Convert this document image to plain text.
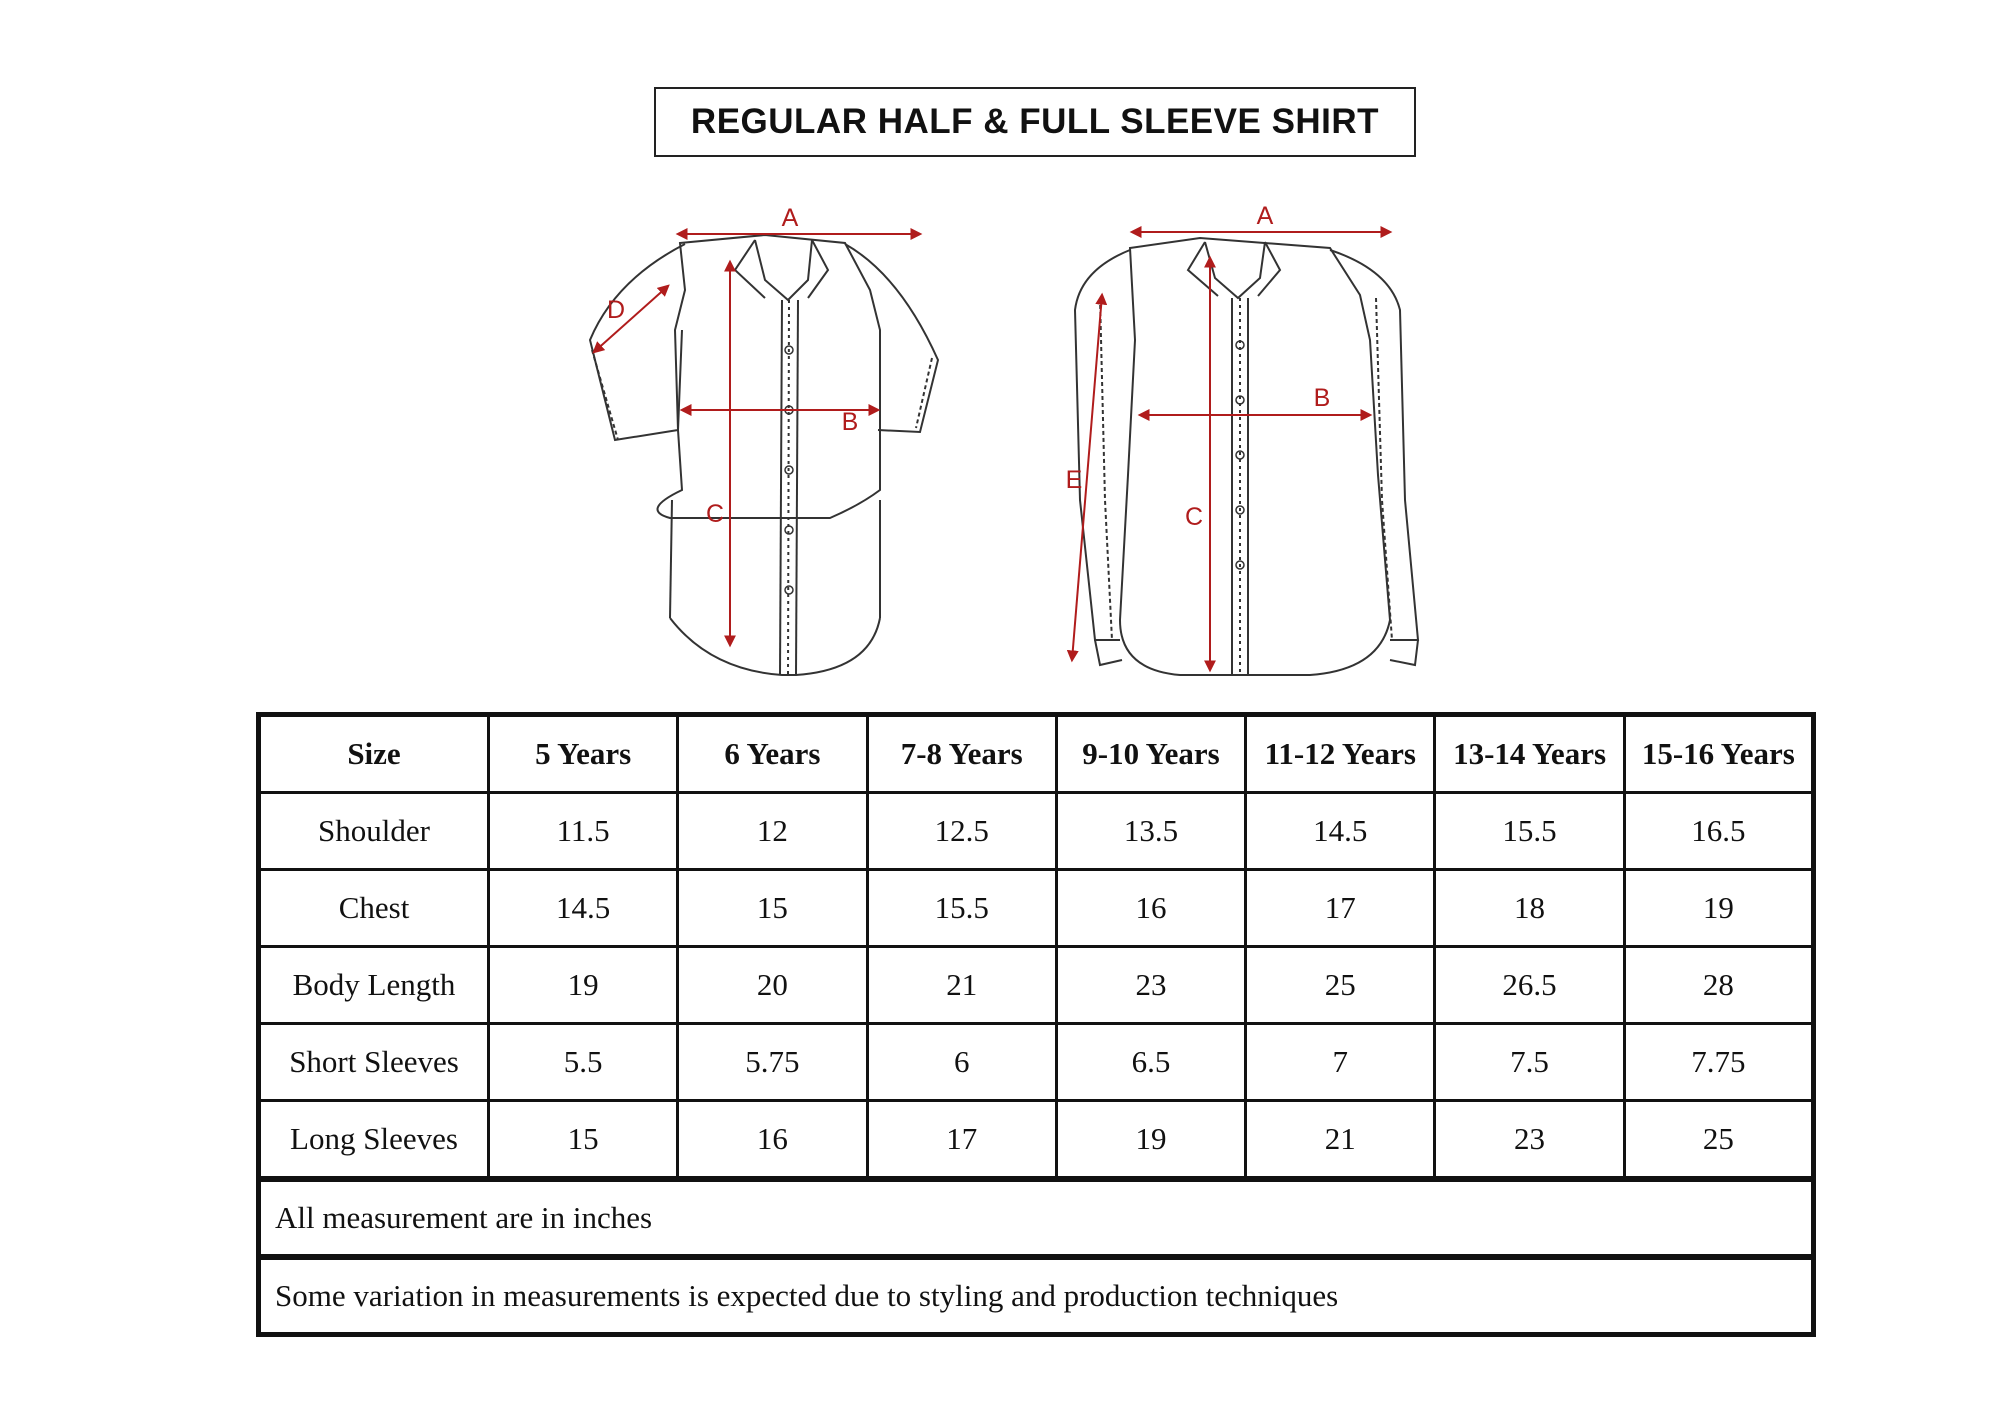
REGULAR HALF & FULL SLEEVE SHIRT
A
B
C
D
A
B
C
E
Size	5 Years	6 Years	7-8 Years	9-10 Years	11-12 Years	13-14 Years	15-16 Years
Shoulder	11.5	12	12.5	13.5	14.5	15.5	16.5
Chest	14.5	15	15.5	16	17	18	19
Body Length	19	20	21	23	25	26.5	28
Short Sleeves	5.5	5.75	6	6.5	7	7.5	7.75
Long Sleeves	15	16	17	19	21	23	25
All measurement are in inches							
Some variation in measurements is expected due to styling and production techniques							
